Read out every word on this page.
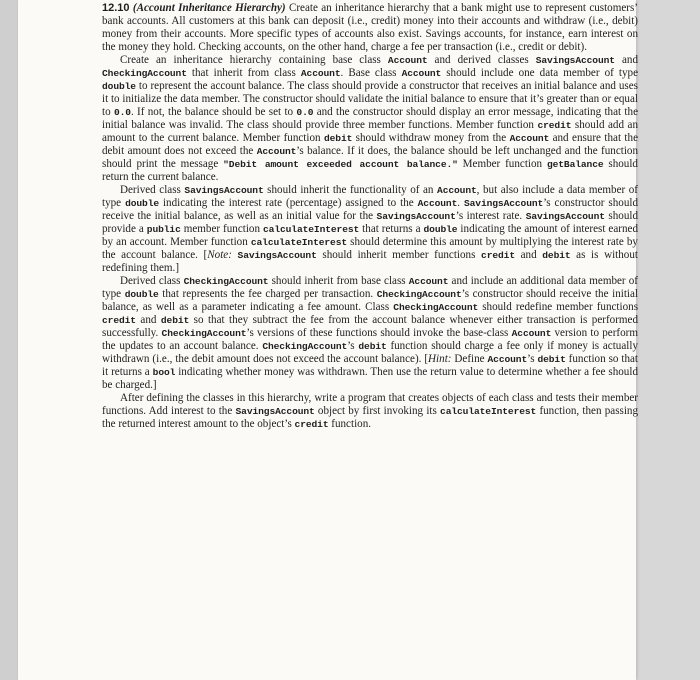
12.10 (Account Inheritance Hierarchy) Create an inheritance hierarchy that a bank might use to represent customers’ bank accounts. All customers at this bank can deposit (i.e., credit) money into their accounts and withdraw (i.e., debit) money from their accounts. More specific types of accounts also exist. Savings accounts, for instance, earn interest on the money they hold. Checking accounts, on the other hand, charge a fee per transaction (i.e., credit or debit).

Create an inheritance hierarchy containing base class Account and derived classes SavingsAccount and CheckingAccount that inherit from class Account. Base class Account should include one data member of type double to represent the account balance. The class should provide a constructor that receives an initial balance and uses it to initialize the data member. The constructor should validate the initial balance to ensure that it’s greater than or equal to 0.0. If not, the balance should be set to 0.0 and the constructor should display an error message, indicating that the initial balance was invalid. The class should provide three member functions. Member function credit should add an amount to the current balance. Member function debit should withdraw money from the Account and ensure that the debit amount does not exceed the Account’s balance. If it does, the balance should be left unchanged and the function should print the message "Debit amount exceeded account balance." Member function getBalance should return the current balance.

Derived class SavingsAccount should inherit the functionality of an Account, but also include a data member of type double indicating the interest rate (percentage) assigned to the Account. SavingsAccount’s constructor should receive the initial balance, as well as an initial value for the SavingsAccount’s interest rate. SavingsAccount should provide a public member function calculateInterest that returns a double indicating the amount of interest earned by an account. Member function calculateInterest should determine this amount by multiplying the interest rate by the account balance. [Note: SavingsAccount should inherit member functions credit and debit as is without redefining them.]

Derived class CheckingAccount should inherit from base class Account and include an additional data member of type double that represents the fee charged per transaction. CheckingAccount’s constructor should receive the initial balance, as well as a parameter indicating a fee amount. Class CheckingAccount should redefine member functions credit and debit so that they subtract the fee from the account balance whenever either transaction is performed successfully. CheckingAccount’s versions of these functions should invoke the base-class Account version to perform the updates to an account balance. CheckingAccount’s debit function should charge a fee only if money is actually withdrawn (i.e., the debit amount does not exceed the account balance). [Hint: Define Account’s debit function so that it returns a bool indicating whether money was withdrawn. Then use the return value to determine whether a fee should be charged.]

After defining the classes in this hierarchy, write a program that creates objects of each class and tests their member functions. Add interest to the SavingsAccount object by first invoking its calculateInterest function, then passing the returned interest amount to the object’s credit function.
